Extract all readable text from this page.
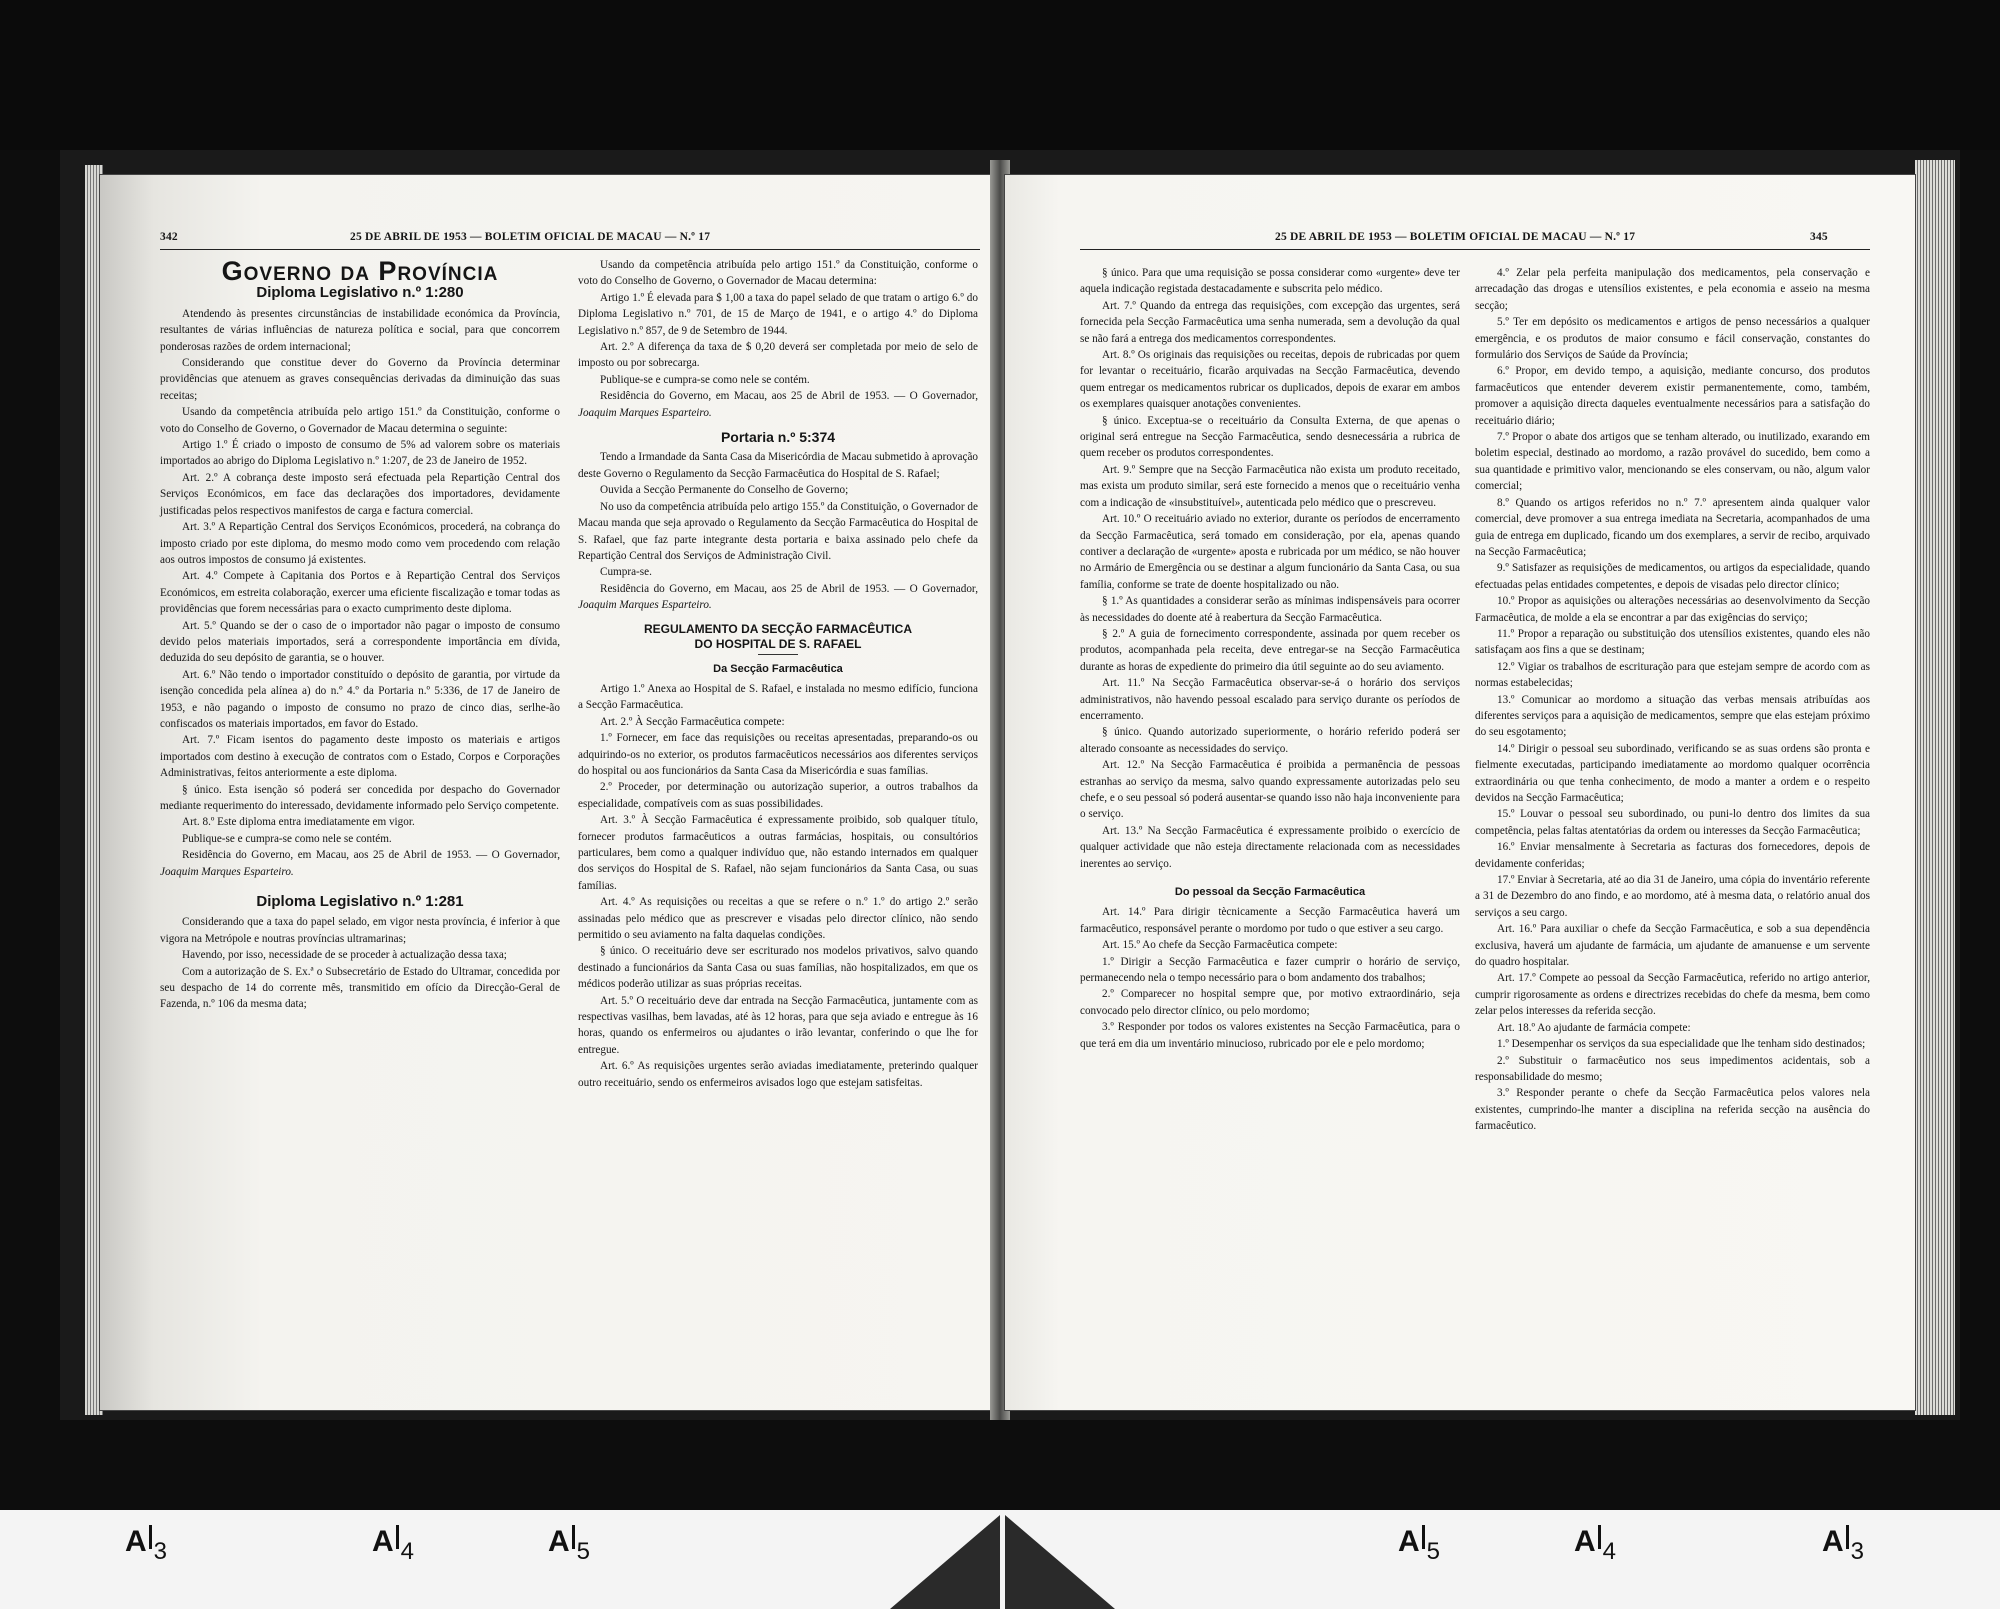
342	25 DE ABRIL DE 1953 — BOLETIM OFICIAL DE MACAU — N.º 17
Governo da Província
Diploma Legislativo n.º 1:280

Atendendo às presentes circunstâncias de instabilidade económica da Província, resultantes de várias influências de natureza política e social, para que concorrem ponderosas razões de ordem internacional;

Considerando que constitue dever do Governo da Província determinar providências que atenuem as graves consequências derivadas da diminuição das suas receitas;

Usando da competência atribuída pelo artigo 151.º da Constituição, conforme o voto do Conselho de Governo, o Governador de Macau determina o seguinte:

Artigo 1.º É criado o imposto de consumo de 5% ad valorem sobre os materiais importados ao abrigo do Diploma Legislativo n.º 1:207, de 23 de Janeiro de 1952.

Art. 2.º A cobrança deste imposto será efectuada pela Repartição Central dos Serviços Económicos, em face das declarações dos importadores, devidamente justificadas pelos respectivos manifestos de carga e factura comercial.

Art. 3.º A Repartição Central dos Serviços Económicos, procederá, na cobrança do imposto criado por este diploma, do mesmo modo como vem procedendo com relação aos outros impostos de consumo já existentes.

Art. 4.º Compete à Capitania dos Portos e à Repartição Central dos Serviços Económicos, em estreita colaboração, exercer uma eficiente fiscalização e tomar todas as providências que forem necessárias para o exacto cumprimento deste diploma.

Art. 5.º Quando se der o caso de o importador não pagar o imposto de consumo devido pelos materiais importados, será a correspondente importância em dívida, deduzida do seu depósito de garantia, se o houver.

Art. 6.º Não tendo o importador constituído o depósito de garantia, por virtude da isenção concedida pela alínea a) do n.º 4.º da Portaria n.º 5:336, de 17 de Janeiro de 1953, e não pagando o imposto de consumo no prazo de cinco dias, serlhe-ão confiscados os materiais importados, em favor do Estado.

Art. 7.º Ficam isentos do pagamento deste imposto os materiais e artigos importados com destino à execução de contratos com o Estado, Corpos e Corporações Administrativas, feitos anteriormente a este diploma.

§ único. Esta isenção só poderá ser concedida por despacho do Governador mediante requerimento do interessado, devidamente informado pelo Serviço competente.

Art. 8.º Este diploma entra imediatamente em vigor.

Publique-se e cumpra-se como nele se contém.

Residência do Governo, em Macau, aos 25 de Abril de 1953. — O Governador, Joaquim Marques Esparteiro.

Diploma Legislativo n.º 1:281

Considerando que a taxa do papel selado, em vigor nesta província, é inferior à que vigora na Metrópole e noutras províncias ultramarinas;

Havendo, por isso, necessidade de se proceder à actualização dessa taxa;

Com a autorização de S. Ex.ª o Subsecretário de Estado do Ultramar, concedida por seu despacho de 14 do corrente mês, transmitido em ofício da Direcção-Geral de Fazenda, n.º 106 da mesma data;

Usando da competência atribuída pelo artigo 151.º da Constituição, conforme o voto do Conselho de Governo, o Governador de Macau determina:

Artigo 1.º É elevada para $ 1,00 a taxa do papel selado de que tratam o artigo 6.º do Diploma Legislativo n.º 701, de 15 de Março de 1941, e o artigo 4.º do Diploma Legislativo n.º 857, de 9 de Setembro de 1944.

Art. 2.º A diferença da taxa de $ 0,20 deverá ser completada por meio de selo de imposto ou por sobrecarga.

Publique-se e cumpra-se como nele se contém.

Residência do Governo, em Macau, aos 25 de Abril de 1953. — O Governador, Joaquim Marques Esparteiro.

Portaria n.º 5:374

Tendo a Irmandade da Santa Casa da Misericórdia de Macau submetido à aprovação deste Governo o Regulamento da Secção Farmacêutica do Hospital de S. Rafael;

Ouvida a Secção Permanente do Conselho de Governo;

No uso da competência atribuída pelo artigo 155.º da Constituição, o Governador de Macau manda que seja aprovado o Regulamento da Secção Farmacêutica do Hospital de S. Rafael, que faz parte integrante desta portaria e baixa assinado pelo chefe da Repartição Central dos Serviços de Administração Civil.

Cumpra-se.

Residência do Governo, em Macau, aos 25 de Abril de 1953. — O Governador, Joaquim Marques Esparteiro.

REGULAMENTO DA SECÇÃO FARMACÊUTICA
DO HOSPITAL DE S. RAFAEL
Da Secção Farmacêutica

Artigo 1.º Anexa ao Hospital de S. Rafael, e instalada no mesmo edifício, funciona a Secção Farmacêutica.

Art. 2.º À Secção Farmacêutica compete:

1.º Fornecer, em face das requisições ou receitas apresentadas, preparando-os ou adquirindo-os no exterior, os produtos farmacêuticos necessários aos diferentes serviços do hospital ou aos funcionários da Santa Casa da Misericórdia e suas famílias.

2.º Proceder, por determinação ou autorização superior, a outros trabalhos da especialidade, compatíveis com as suas possibilidades.

Art. 3.º À Secção Farmacêutica é expressamente proibido, sob qualquer título, fornecer produtos farmacêuticos a outras farmácias, hospitais, ou consultórios particulares, bem como a qualquer indivíduo que, não estando internados em qualquer dos serviços do Hospital de S. Rafael, não sejam funcionários da Santa Casa, ou suas famílias.

Art. 4.º As requisições ou receitas a que se refere o n.º 1.º do artigo 2.º serão assinadas pelo médico que as prescrever e visadas pelo director clínico, não sendo permitido o seu aviamento na falta daquelas condições.

§ único. O receituário deve ser escriturado nos modelos privativos, salvo quando destinado a funcionários da Santa Casa ou suas famílias, não hospitalizados, em que os médicos poderão utilizar as suas próprias receitas.

Art. 5.º O receituário deve dar entrada na Secção Farmacêutica, juntamente com as respectivas vasilhas, bem lavadas, até às 12 horas, para que seja aviado e entregue às 16 horas, quando os enfermeiros ou ajudantes o irão levantar, conferindo o que lhe for entregue.

Art. 6.º As requisições urgentes serão aviadas imediatamente, preterindo qualquer outro receituário, sendo os enfermeiros avisados logo que estejam satisfeitas.

25 DE ABRIL DE 1953 — BOLETIM OFICIAL DE MACAU — N.º 17	345

§ único. Para que uma requisição se possa considerar como «urgente» deve ter aquela indicação registada destacadamente e subscrita pelo médico.

Art. 7.º Quando da entrega das requisições, com excepção das urgentes, será fornecida pela Secção Farmacêutica uma senha numerada, sem a devolução da qual se não fará a entrega dos medicamentos correspondentes.

Art. 8.º Os originais das requisições ou receitas, depois de rubricadas por quem for levantar o receituário, ficarão arquivadas na Secção Farmacêutica, devendo quem entregar os medicamentos rubricar os duplicados, depois de exarar em ambos os exemplares quaisquer anotações convenientes.

§ único. Exceptua-se o receituário da Consulta Externa, de que apenas o original será entregue na Secção Farmacêutica, sendo desnecessária a rubrica de quem receber os produtos correspondentes.

Art. 9.º Sempre que na Secção Farmacêutica não exista um produto receitado, mas exista um produto similar, será este fornecido a menos que o receituário venha com a indicação de «insubstituível», autenticada pelo médico que o prescreveu.

Art. 10.º O receituário aviado no exterior, durante os períodos de encerramento da Secção Farmacêutica, será tomado em consideração, por ela, apenas quando contiver a declaração de «urgente» aposta e rubricada por um médico, se não houver no Armário de Emergência ou se destinar a algum funcionário da Santa Casa, ou sua família, conforme se trate de doente hospitalizado ou não.

§ 1.º As quantidades a considerar serão as mínimas indispensáveis para ocorrer às necessidades do doente até à reabertura da Secção Farmacêutica.

§ 2.º A guia de fornecimento correspondente, assinada por quem receber os produtos, acompanhada pela receita, deve entregar-se na Secção Farmacêutica durante as horas de expediente do primeiro dia útil seguinte ao do seu aviamento.

Art. 11.º Na Secção Farmacêutica observar-se-á o horário dos serviços administrativos, não havendo pessoal escalado para serviço durante os períodos de encerramento.

§ único. Quando autorizado superiormente, o horário referido poderá ser alterado consoante as necessidades do serviço.

Art. 12.º Na Secção Farmacêutica é proibida a permanência de pessoas estranhas ao serviço da mesma, salvo quando expressamente autorizadas pelo seu chefe, e o seu pessoal só poderá ausentar-se quando isso não haja inconveniente para o serviço.

Art. 13.º Na Secção Farmacêutica é expressamente proibido o exercício de qualquer actividade que não esteja directamente relacionada com as necessidades inerentes ao serviço.

Do pessoal da Secção Farmacêutica

Art. 14.º Para dirigir tècnicamente a Secção Farmacêutica haverá um farmacêutico, responsável perante o mordomo por tudo o que estiver a seu cargo.

Art. 15.º Ao chefe da Secção Farmacêutica compete:

1.º Dirigir a Secção Farmacêutica e fazer cumprir o horário de serviço, permanecendo nela o tempo necessário para o bom andamento dos trabalhos;

2.º Comparecer no hospital sempre que, por motivo extraordinário, seja convocado pelo director clínico, ou pelo mordomo;

3.º Responder por todos os valores existentes na Secção Farmacêutica, para o que terá em dia um inventário minucioso, rubricado por ele e pelo mordomo;

4.º Zelar pela perfeita manipulação dos medicamentos, pela conservação e arrecadação das drogas e utensílios existentes, e pela economia e asseio na mesma secção;

5.º Ter em depósito os medicamentos e artigos de penso necessários a qualquer emergência, e os produtos de maior consumo e fácil conservação, constantes do formulário dos Serviços de Saúde da Província;

6.º Propor, em devido tempo, a aquisição, mediante concurso, dos produtos farmacêuticos que entender deverem existir permanentemente, como, também, promover a aquisição directa daqueles eventualmente necessários para a satisfação do receituário diário;

7.º Propor o abate dos artigos que se tenham alterado, ou inutilizado, exarando em boletim especial, destinado ao mordomo, a razão provável do sucedido, bem como a sua quantidade e primitivo valor, mencionando se eles conservam, ou não, algum valor comercial;

8.º Quando os artigos referidos no n.º 7.º apresentem ainda qualquer valor comercial, deve promover a sua entrega imediata na Secretaria, acompanhados de uma guia de entrega em duplicado, ficando um dos exemplares, a servir de recibo, arquivado na Secção Farmacêutica;

9.º Satisfazer as requisições de medicamentos, ou artigos da especialidade, quando efectuadas pelas entidades competentes, e depois de visadas pelo director clínico;

10.º Propor as aquisições ou alterações necessárias ao desenvolvimento da Secção Farmacêutica, de molde a ela se encontrar a par das exigências do serviço;

11.º Propor a reparação ou substituição dos utensílios existentes, quando eles não satisfaçam aos fins a que se destinam;

12.º Vigiar os trabalhos de escrituração para que estejam sempre de acordo com as normas estabelecidas;

13.º Comunicar ao mordomo a situação das verbas mensais atribuídas aos diferentes serviços para a aquisição de medicamentos, sempre que elas estejam próximo do seu esgotamento;

14.º Dirigir o pessoal seu subordinado, verificando se as suas ordens são pronta e fielmente executadas, participando imediatamente ao mordomo qualquer ocorrência extraordinária ou que tenha conhecimento, de modo a manter a ordem e o respeito devidos na Secção Farmacêutica;

15.º Louvar o pessoal seu subordinado, ou puni-lo dentro dos limites da sua competência, pelas faltas atentatórias da ordem ou interesses da Secção Farmacêutica;

16.º Enviar mensalmente à Secretaria as facturas dos fornecedores, depois de devidamente conferidas;

17.º Enviar à Secretaria, até ao dia 31 de Janeiro, uma cópia do inventário referente a 31 de Dezembro do ano findo, e ao mordomo, até à mesma data, o relatório anual dos serviços a seu cargo.

Art. 16.º Para auxiliar o chefe da Secção Farmacêutica, e sob a sua dependência exclusiva, haverá um ajudante de farmácia, um ajudante de amanuense e um servente do quadro hospitalar.

Art. 17.º Compete ao pessoal da Secção Farmacêutica, referido no artigo anterior, cumprir rigorosamente as ordens e directrizes recebidas do chefe da mesma, bem como zelar pelos interesses da referida secção.

Art. 18.º Ao ajudante de farmácia compete:

1.º Desempenhar os serviços da sua especialidade que lhe tenham sido destinados;

2.º Substituir o farmacêutico nos seus impedimentos acidentais, sob a responsabilidade do mesmo;

3.º Responder perante o chefe da Secção Farmacêutica pelos valores nela existentes, cumprindo-lhe manter a disciplina na referida secção na ausência do farmacêutico.

A $_3$	A $_4$	A $_5$	A $_5$	A $_4$	A $_3$
